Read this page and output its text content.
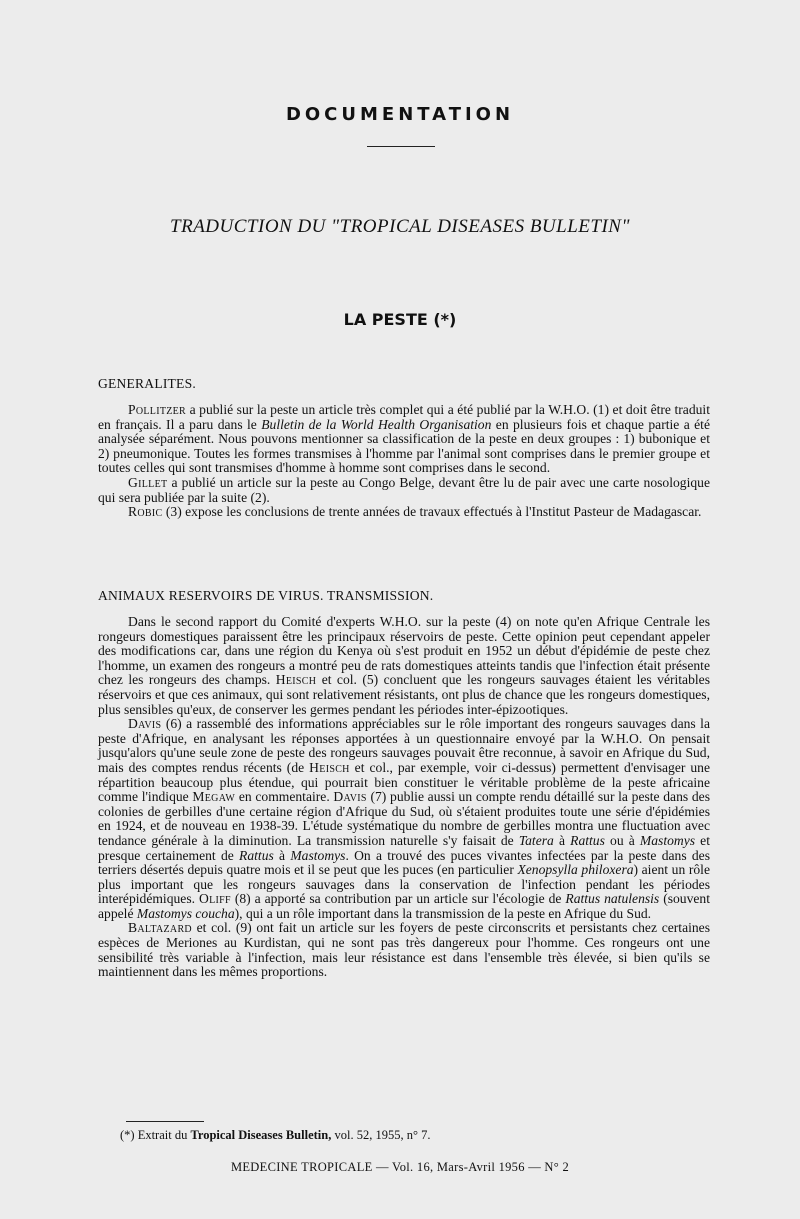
DOCUMENTATION
TRADUCTION DU "TROPICAL DISEASES BULLETIN"
LA PESTE (*)
GENERALITES.

Pollitzer a publié sur la peste un article très complet qui a été publié par la W.H.O. (1) et doit être traduit en français. Il a paru dans le Bulletin de la World Health Organisation en plusieurs fois et chaque partie a été analysée séparément. Nous pouvons mentionner sa classification de la peste en deux groupes : 1) bubonique et 2) pneumonique. Toutes les formes transmises à l'homme par l'animal sont comprises dans le premier groupe et toutes celles qui sont transmises d'homme à homme sont comprises dans le second.

Gillet a publié un article sur la peste au Congo Belge, devant être lu de pair avec une carte nosologique qui sera publiée par la suite (2).

Robic (3) expose les conclusions de trente années de travaux effectués à l'Institut Pasteur de Madagascar.

ANIMAUX RESERVOIRS DE VIRUS. TRANSMISSION.

Dans le second rapport du Comité d'experts W.H.O. sur la peste (4) on note qu'en Afrique Centrale les rongeurs domestiques paraissent être les principaux réservoirs de peste. Cette opinion peut cependant appeler des modifications car, dans une région du Kenya où s'est produit en 1952 un début d'épidémie de peste chez l'homme, un examen des rongeurs a montré peu de rats domestiques atteints tandis que l'infection était présente chez les rongeurs des champs. Heisch et col. (5) concluent que les rongeurs sauvages étaient les véritables réservoirs et que ces animaux, qui sont relativement résistants, ont plus de chance que les rongeurs domestiques, plus sensibles qu'eux, de conserver les germes pendant les périodes inter-épizootiques.

Davis (6) a rassemblé des informations appréciables sur le rôle important des rongeurs sauvages dans la peste d'Afrique, en analysant les réponses apportées à un questionnaire envoyé par la W.H.O. On pensait jusqu'alors qu'une seule zone de peste des rongeurs sauvages pouvait être reconnue, à savoir en Afrique du Sud, mais des comptes rendus récents (de Heisch et col., par exemple, voir ci-dessus) permettent d'envisager une répartition beaucoup plus étendue, qui pourrait bien constituer le véritable problème de la peste africaine comme l'indique Megaw en commentaire. Davis (7) publie aussi un compte rendu détaillé sur la peste dans des colonies de gerbilles d'une certaine région d'Afrique du Sud, où s'étaient produites toute une série d'épidémies en 1924, et de nouveau en 1938-39. L'étude systématique du nombre de gerbilles montra une fluctuation avec tendance générale à la diminution. La transmission naturelle s'y faisait de Tatera à Rattus ou à Mastomys et presque certainement de Rattus à Mastomys. On a trouvé des puces vivantes infectées par la peste dans des terriers désertés depuis quatre mois et il se peut que les puces (en particulier Xenopsylla philoxera) aient un rôle plus important que les rongeurs sauvages dans la conservation de l'infection pendant les périodes interépidémiques. Oliff (8) a apporté sa contribution par un article sur l'écologie de Rattus natulensis (souvent appelé Mastomys coucha), qui a un rôle important dans la transmission de la peste en Afrique du Sud.

Baltazard et col. (9) ont fait un article sur les foyers de peste circonscrits et persistants chez certaines espèces de Meriones au Kurdistan, qui ne sont pas très dangereux pour l'homme. Ces rongeurs ont une sensibilité très variable à l'infection, mais leur résistance est dans l'ensemble très élevée, si bien qu'ils se maintiennent dans les mêmes proportions.

(*) Extrait du Tropical Diseases Bulletin, vol. 52, 1955, n° 7.
MEDECINE TROPICALE — Vol. 16, Mars-Avril 1956 — N° 2
